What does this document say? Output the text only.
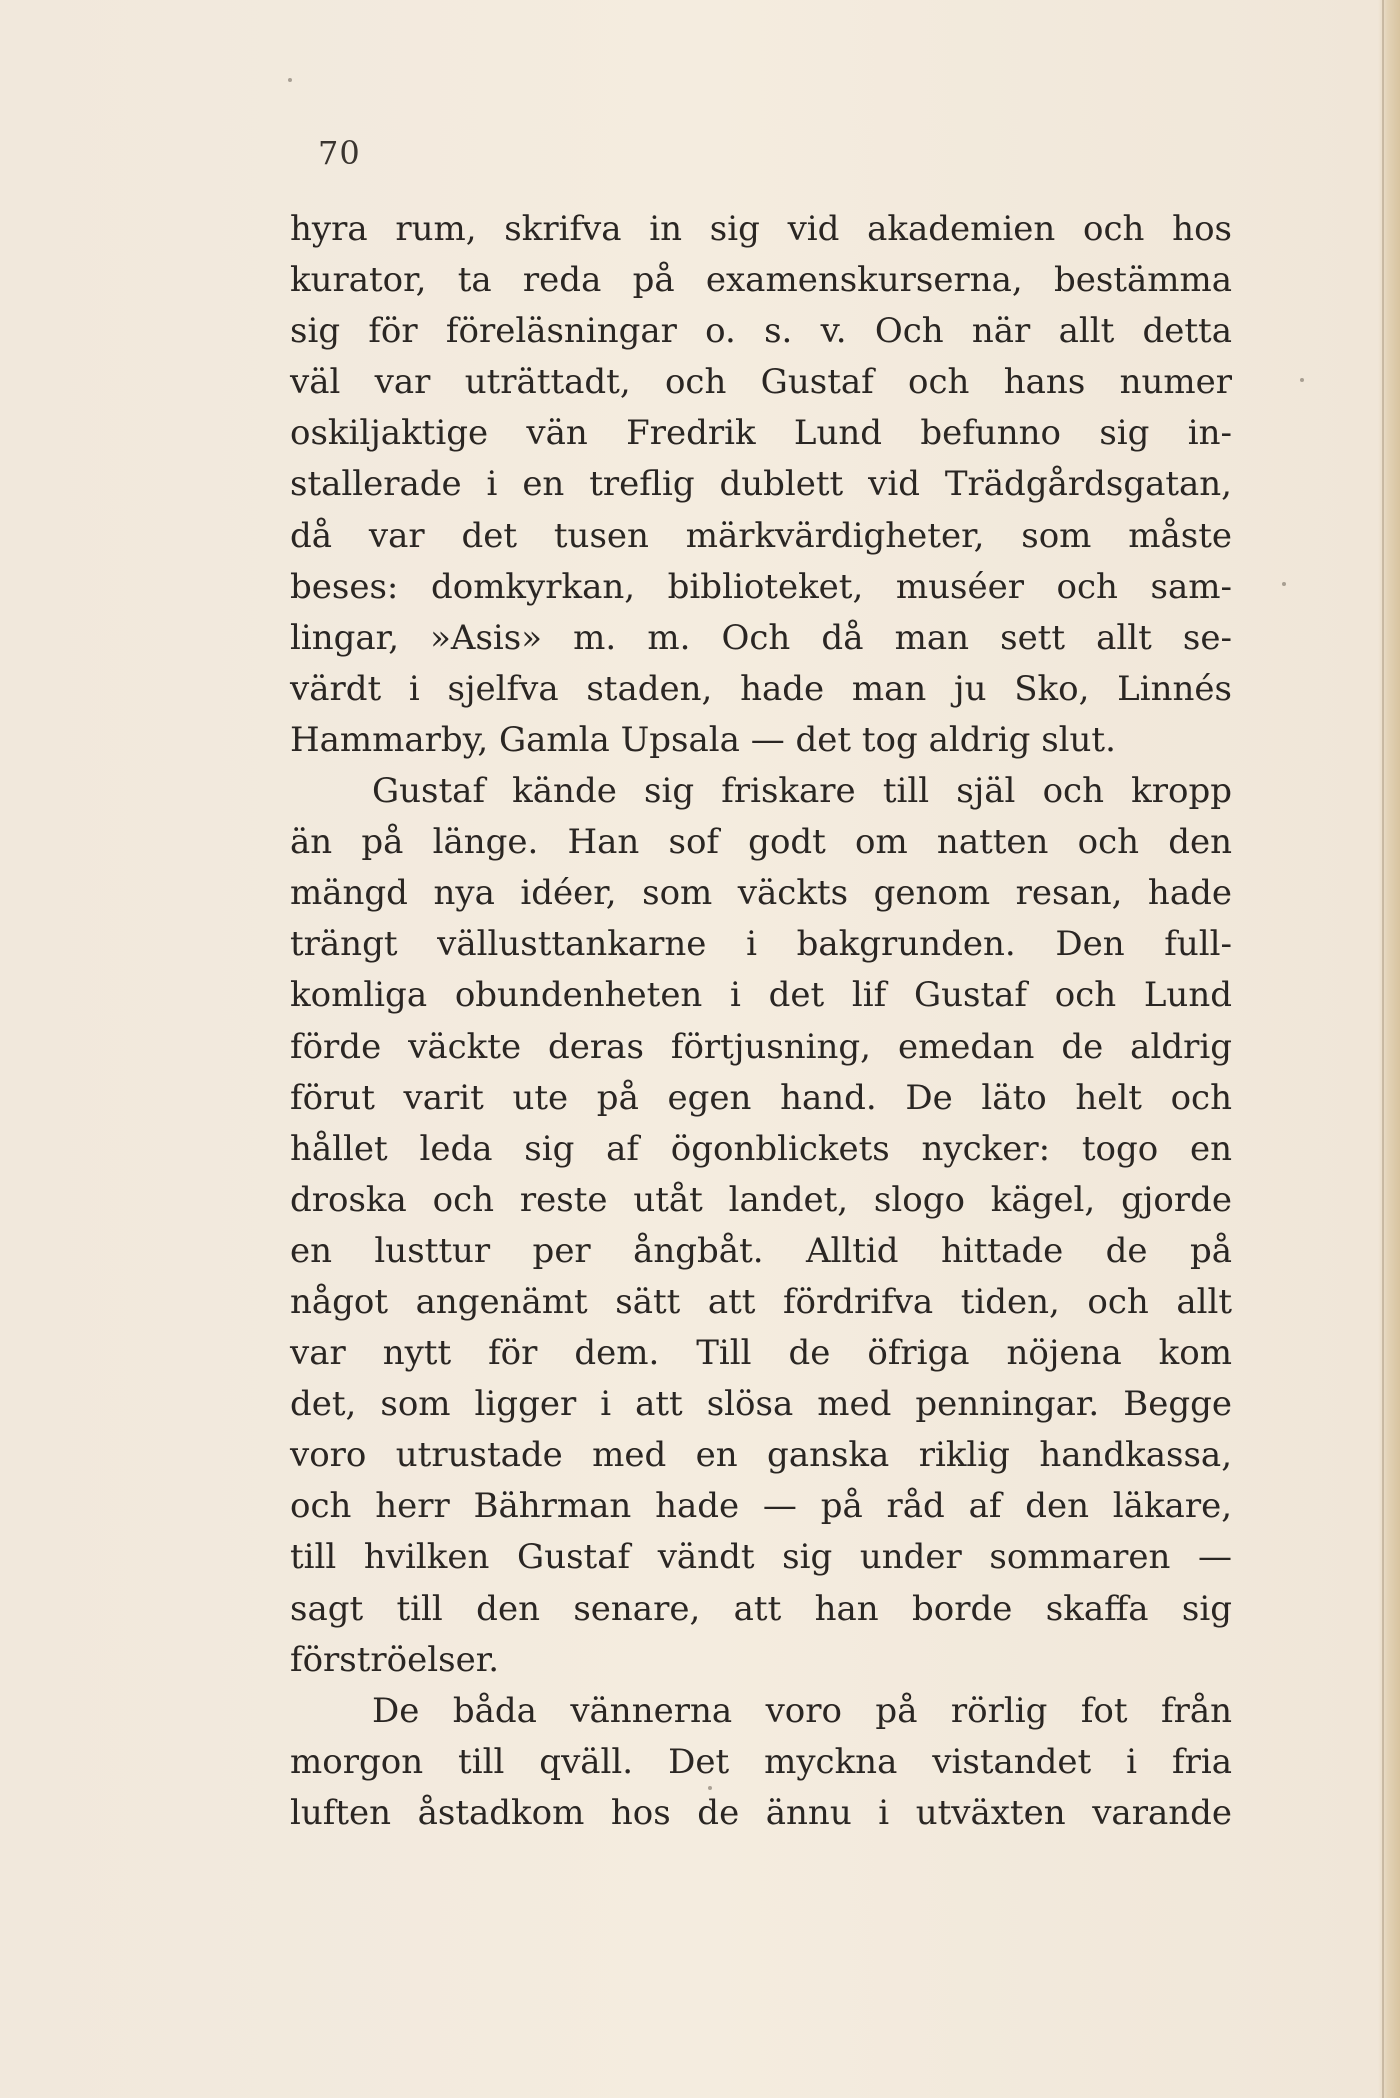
70
hyra rum, skrifva in sig vid akademien och hos
kurator, ta reda på examenskurserna, bestämma
sig för föreläsningar o. s. v. Och när allt detta
väl var uträttadt, och Gustaf och hans numer
oskiljaktige vän Fredrik Lund befunno sig in-
stallerade i en treflig dublett vid Trädgårdsgatan,
då var det tusen märkvärdigheter, som måste
beses: domkyrkan, biblioteket, muséer och sam-
lingar, »Asis» m. m. Och då man sett allt se-
värdt i sjelfva staden, hade man ju Sko, Linnés
Hammarby, Gamla Upsala — det tog aldrig slut.
Gustaf kände sig friskare till själ och kropp
än på länge. Han sof godt om natten och den
mängd nya idéer, som väckts genom resan, hade
trängt vällusttankarne i bakgrunden. Den full-
komliga obundenheten i det lif Gustaf och Lund
förde väckte deras förtjusning, emedan de aldrig
förut varit ute på egen hand. De läto helt och
hållet leda sig af ögonblickets nycker: togo en
droska och reste utåt landet, slogo kägel, gjorde
en lusttur per ångbåt. Alltid hittade de på
något angenämt sätt att fördrifva tiden, och allt
var nytt för dem. Till de öfriga nöjena kom
det, som ligger i att slösa med penningar. Begge
voro utrustade med en ganska riklig handkassa,
och herr Bährman hade — på råd af den läkare,
till hvilken Gustaf vändt sig under sommaren —
sagt till den senare, att han borde skaffa sig
förströelser.
De båda vännerna voro på rörlig fot från
morgon till qväll. Det myckna vistandet i fria
luften åstadkom hos de ännu i utväxten varande
